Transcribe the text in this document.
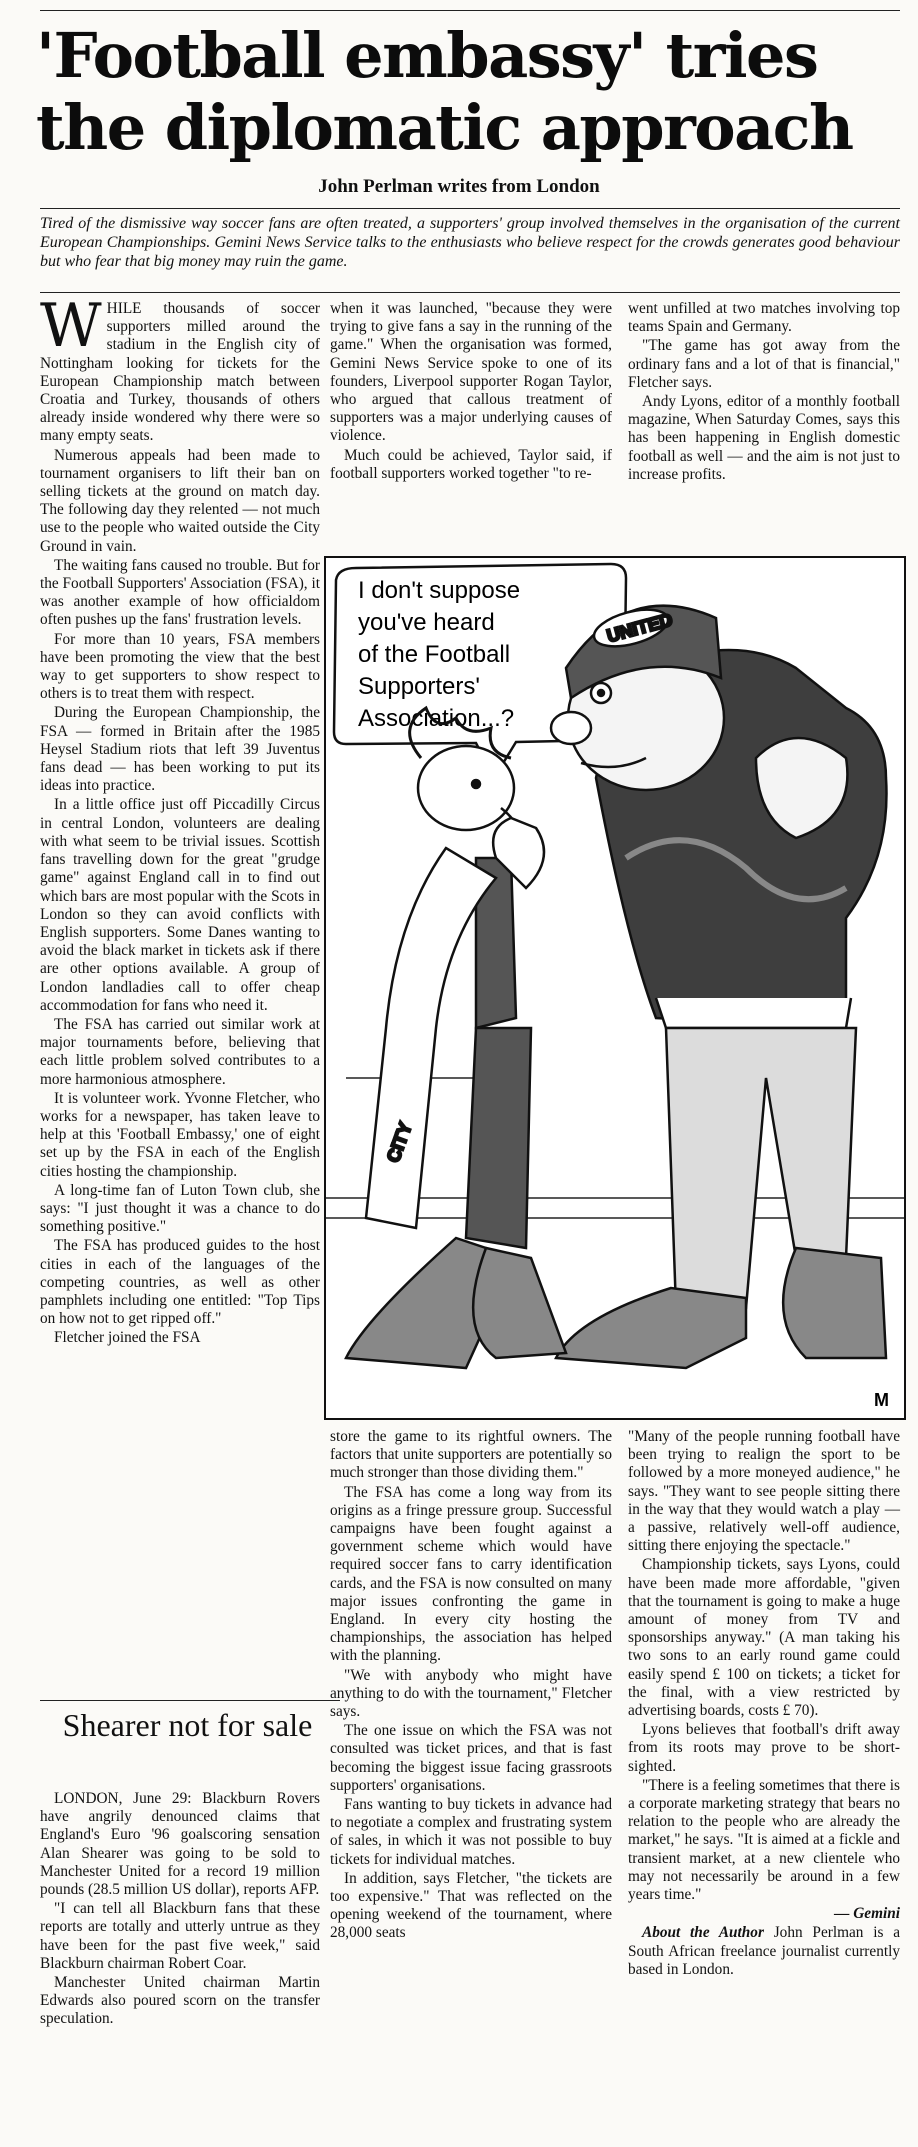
'Football embassy' tries
the diplomatic approach
John Perlman writes from London

Tired of the dismissive way soccer fans are often treated, a supporters' group involved themselves in the organisation of the current European Championships. Gemini News Service talks to the enthusiasts who believe respect for the crowds generates good behaviour but who fear that big money may ruin the game.

WHILE thousands of soccer supporters milled around the stadium in the English city of Nottingham looking for tickets for the European Championship match between Croatia and Turkey, thousands of others already inside wondered why there were so many empty seats.

Numerous appeals had been made to tournament organisers to lift their ban on selling tickets at the ground on match day. The following day they relented — not much use to the people who waited outside the City Ground in vain.

The waiting fans caused no trouble. But for the Football Supporters' Association (FSA), it was another example of how officialdom often pushes up the fans' frustration levels.

For more than 10 years, FSA members have been promoting the view that the best way to get supporters to show respect to others is to treat them with respect.

During the European Championship, the FSA — formed in Britain after the 1985 Heysel Stadium riots that left 39 Juventus fans dead — has been working to put its ideas into practice.

In a little office just off Piccadilly Circus in central London, volunteers are dealing with what seem to be trivial issues. Scottish fans travelling down for the great "grudge game" against England call in to find out which bars are most popular with the Scots in London so they can avoid conflicts with English supporters. Some Danes wanting to avoid the black market in tickets ask if there are other options available. A group of London landladies call to offer cheap accommodation for fans who need it.

The FSA has carried out similar work at major tournaments before, believing that each little problem solved contributes to a more harmonious atmosphere.

It is volunteer work. Yvonne Fletcher, who works for a newspaper, has taken leave to help at this 'Football Embassy,' one of eight set up by the FSA in each of the English cities hosting the championship.

A long-time fan of Luton Town club, she says: "I just thought it was a chance to do something positive."

The FSA has produced guides to the host cities in each of the languages of the competing countries, as well as other pamphlets including one entitled: "Top Tips on how not to get ripped off."

Fletcher joined the FSA

Shearer not for sale

LONDON, June 29: Blackburn Rovers have angrily denounced claims that England's Euro '96 goalscoring sensation Alan Shearer was going to be sold to Manchester United for a record 19 million pounds (28.5 million US dollar), reports AFP.

"I can tell all Blackburn fans that these reports are totally and utterly untrue as they have been for the past five week," said Blackburn chairman Robert Coar.

Manchester United chairman Martin Edwards also poured scorn on the transfer speculation.

when it was launched, "because they were trying to give fans a say in the running of the game." When the organisation was formed, Gemini News Service spoke to one of its founders, Liverpool supporter Rogan Taylor, who argued that callous treatment of supporters was a major underlying causes of violence.

Much could be achieved, Taylor said, if football supporters worked together "to re-

went unfilled at two matches involving top teams Spain and Germany.

"The game has got away from the ordinary fans and a lot of that is financial," Fletcher says.

Andy Lyons, editor of a monthly football magazine, When Saturday Comes, says this has been happening in English domestic football as well — and the aim is not just to increase profits.

I don't suppose
you've heard
of the Football
Supporters'
Association...?
UNITED
CITY
M

store the game to its rightful owners. The factors that unite supporters are potentially so much stronger than those dividing them."

The FSA has come a long way from its origins as a fringe pressure group. Successful campaigns have been fought against a government scheme which would have required soccer fans to carry identification cards, and the FSA is now consulted on many major issues confronting the game in England. In every city hosting the championships, the association has helped with the planning.

"We with anybody who might have anything to do with the tournament," Fletcher says.

The one issue on which the FSA was not consulted was ticket prices, and that is fast becoming the biggest issue facing grassroots supporters' organisations.

Fans wanting to buy tickets in advance had to negotiate a complex and frustrating system of sales, in which it was not possible to buy tickets for individual matches.

In addition, says Fletcher, "the tickets are too expensive." That was reflected on the opening weekend of the tournament, where 28,000 seats

"Many of the people running football have been trying to realign the sport to be followed by a more moneyed audience," he says. "They want to see people sitting there in the way that they would watch a play — a passive, relatively well-off audience, sitting there enjoying the spectacle."

Championship tickets, says Lyons, could have been made more affordable, "given that the tournament is going to make a huge amount of money from TV and sponsorships anyway." (A man taking his two sons to an early round game could easily spend £ 100 on tickets; a ticket for the final, with a view restricted by advertising boards, costs £ 70).

Lyons believes that football's drift away from its roots may prove to be short-sighted.

"There is a feeling sometimes that there is a corporate marketing strategy that bears no relation to the people who are already the market," he says. "It is aimed at a fickle and transient market, at a new clientele who may not necessarily be around in a few years time."

— Gemini

About the Author John Perlman is a South African freelance journalist currently based in London.
